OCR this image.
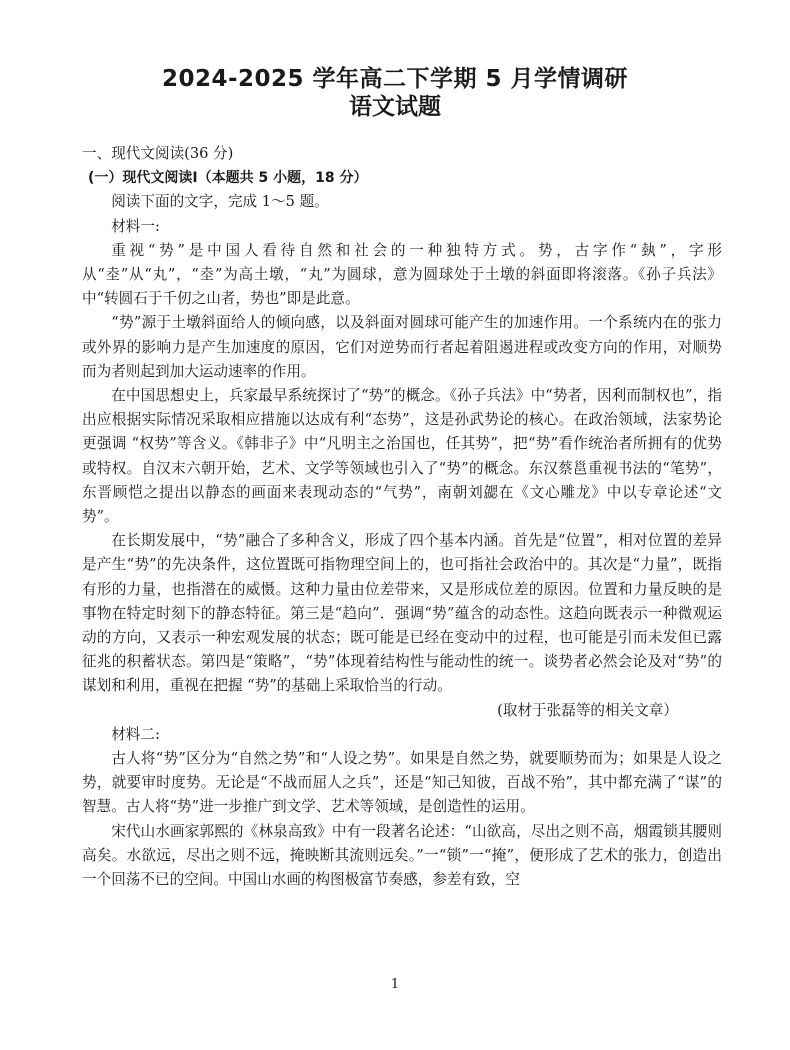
2024-2025 学年高二下学期 5 月学情调研
语文试题

一、现代文阅读(36 分)

(一）现代文阅读Ⅰ（本题共 5 小题，18 分）

阅读下面的文字，完成 1～5 题。

材料一:

重视“势”是中国人看待自然和社会的一种独特方式。势，古字作“埶”，字形从“坴”从“丸”，“坴”为高土墩，“丸”为圆球，意为圆球处于土墩的斜面即将滚落。《孙子兵法》中“转圆石于千仞之山者，势也”即是此意。

“势”源于土墩斜面给人的倾向感，以及斜面对圆球可能产生的加速作用。一个系统内在的张力或外界的影响力是产生加速度的原因，它们对逆势而行者起着阻遏进程或改变方向的作用，对顺势而为者则起到加大运动速率的作用。

在中国思想史上，兵家最早系统探讨了“势”的概念。《孙子兵法》中“势者，因利而制权也”，指出应根据实际情况采取相应措施以达成有利“态势”，这是孙武势论的核心。在政治领域，法家势论更强调 “权势”等含义。《韩非子》中“凡明主之治国也，任其势”，把“势”看作统治者所拥有的优势或特权。自汉末六朝开始，艺术、文学等领域也引入了“势”的概念。东汉蔡邕重视书法的“笔势”，东晋顾恺之提出以静态的画面来表现动态的“气势”，南朝刘勰在《文心雕龙》中以专章论述“文势”。

在长期发展中，“势”融合了多种含义，形成了四个基本内涵。首先是“位置”，相对位置的差异是产生“势”的先决条件，这位置既可指物理空间上的，也可指社会政治中的。其次是“力量”，既指有形的力量，也指潜在的威慑。这种力量由位差带来，又是形成位差的原因。位置和力量反映的是事物在特定时刻下的静态特征。第三是“趋向”．强调“势”蕴含的动态性。这趋向既表示一种微观运动的方向，又表示一种宏观发展的状态；既可能是已经在变动中的过程，也可能是引而未发但已露征兆的积蓄状态。第四是“策略”，“势”体现着结构性与能动性的统一。谈势者必然会论及对“势”的谋划和利用，重视在把握 “势”的基础上采取恰当的行动。

(取材于张磊等的相关文章）

材料二:

古人将“势”区分为“自然之势”和“人设之势”。如果是自然之势，就要顺势而为；如果是人设之势，就要审时度势。无论是“不战而屈人之兵”，还是“知己知彼，百战不殆”，其中都充满了“谋”的智慧。古人将“势”进一步推广到文学、艺术等领域，是创造性的运用。

宋代山水画家郭熙的《林泉高致》中有一段著名论述：“山欲高，尽出之则不高，烟霞锁其腰则高矣。水欲远，尽出之则不远，掩映断其流则远矣。”一“锁”一“掩”，便形成了艺术的张力，创造出一个回荡不已的空间。中国山水画的构图极富节奏感，参差有致，空

1
